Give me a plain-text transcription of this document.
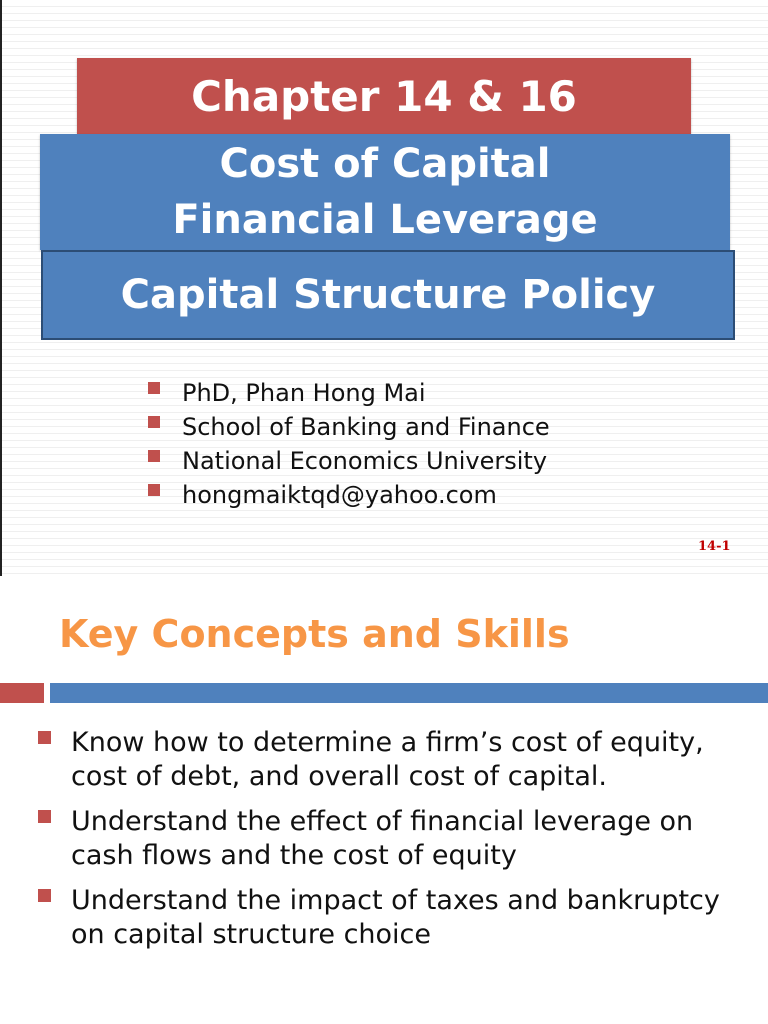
Chapter 14 & 16
Cost of Capital
Financial Leverage
Capital Structure Policy
PhD, Phan Hong Mai
School of Banking and Finance
National Economics University
hongmaiktqd@yahoo.com
14-1
Key Concepts and Skills
Know how to determine a firm’s cost of equity, cost of debt, and overall cost of capital.
Understand the effect of financial leverage on cash flows and the cost of equity
Understand the impact of taxes and bankruptcy on capital structure choice
